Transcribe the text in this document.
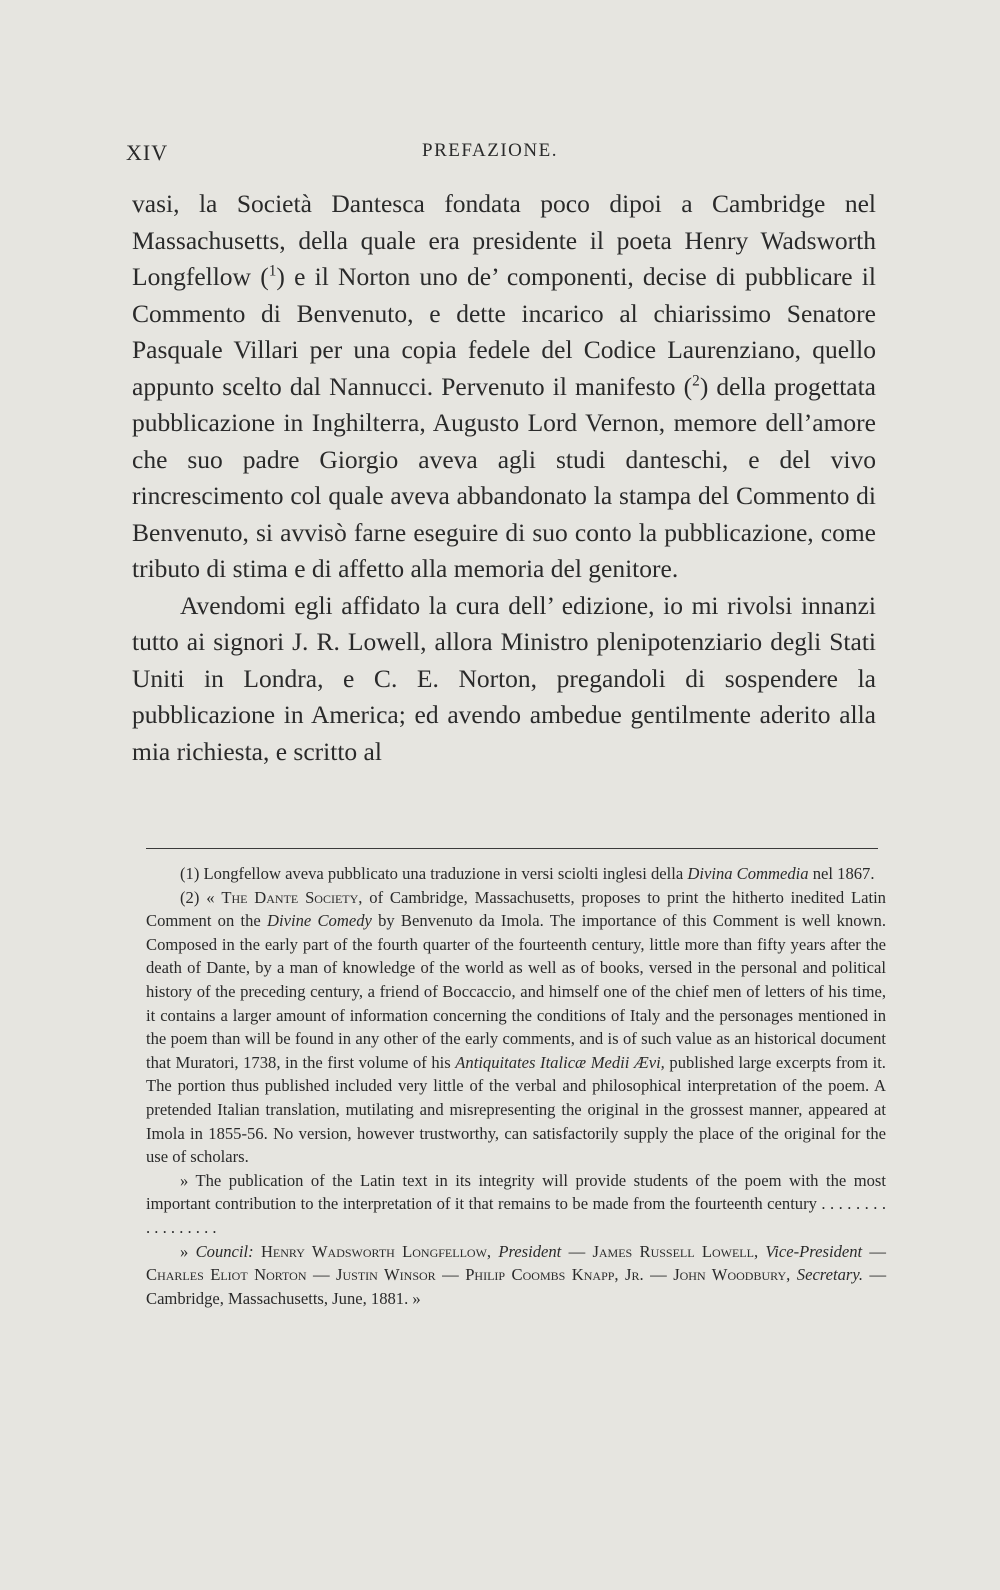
XIV	PREFAZIONE.

vasi, la Società Dantesca fondata poco dipoi a Cambridge nel Massachusetts, della quale era presidente il poeta Henry Wadsworth Longfellow ($^1$) e il Norton uno de’ componenti, decise di pubblicare il Commento di Benvenuto, e dette incarico al chiarissimo Senatore Pasquale Villari per una copia fedele del Codice Laurenziano, quello appunto scelto dal Nannucci. Pervenuto il manifesto ($^2$) della progettata pubblicazione in Inghilterra, Augusto Lord Vernon, memore dell’amore che suo padre Giorgio aveva agli studi danteschi, e del vivo rincrescimento col quale aveva abbandonato la stampa del Commento di Benvenuto, si avvisò farne eseguire di suo conto la pubblicazione, come tributo di stima e di affetto alla memoria del genitore.

Avendomi egli affidato la cura dell’ edizione, io mi rivolsi innanzi tutto ai signori J. R. Lowell, allora Ministro plenipotenziario degli Stati Uniti in Londra, e C. E. Norton, pregandoli di sospendere la pubblicazione in America; ed avendo ambedue gentilmente aderito alla mia richiesta, e scritto al

(1) Longfellow aveva pubblicato una traduzione in versi sciolti inglesi della Divina Commedia nel 1867.

(2) « The Dante Society, of Cambridge, Massachusetts, proposes to print the hitherto inedited Latin Comment on the Divine Comedy by Benvenuto da Imola. The importance of this Comment is well known. Composed in the early part of the fourth quarter of the fourteenth century, little more than fifty years after the death of Dante, by a man of knowledge of the world as well as of books, versed in the personal and political history of the preceding century, a friend of Boccaccio, and himself one of the chief men of letters of his time, it contains a larger amount of information concerning the conditions of Italy and the personages mentioned in the poem than will be found in any other of the early comments, and is of such value as an historical document that Muratori, 1738, in the first volume of his Antiquitates Italicæ Medii Ævi, published large excerpts from it. The portion thus published included very little of the verbal and philosophical interpretation of the poem. A pretended Italian translation, mutilating and misrepresenting the original in the grossest manner, appeared at Imola in 1855-56. No version, however trustworthy, can satisfactorily supply the place of the original for the use of scholars.

» The publication of the Latin text in its integrity will provide students of the poem with the most important contribution to the interpretation of it that remains to be made from the fourteenth century . . . . . . . . . . . . . . . . .

» Council: Henry Wadsworth Longfellow, President — James Russell Lowell, Vice-President — Charles Eliot Norton — Justin Winsor — Philip Coombs Knapp, Jr. — John Woodbury, Secretary. — Cambridge, Massachusetts, June, 1881. »
